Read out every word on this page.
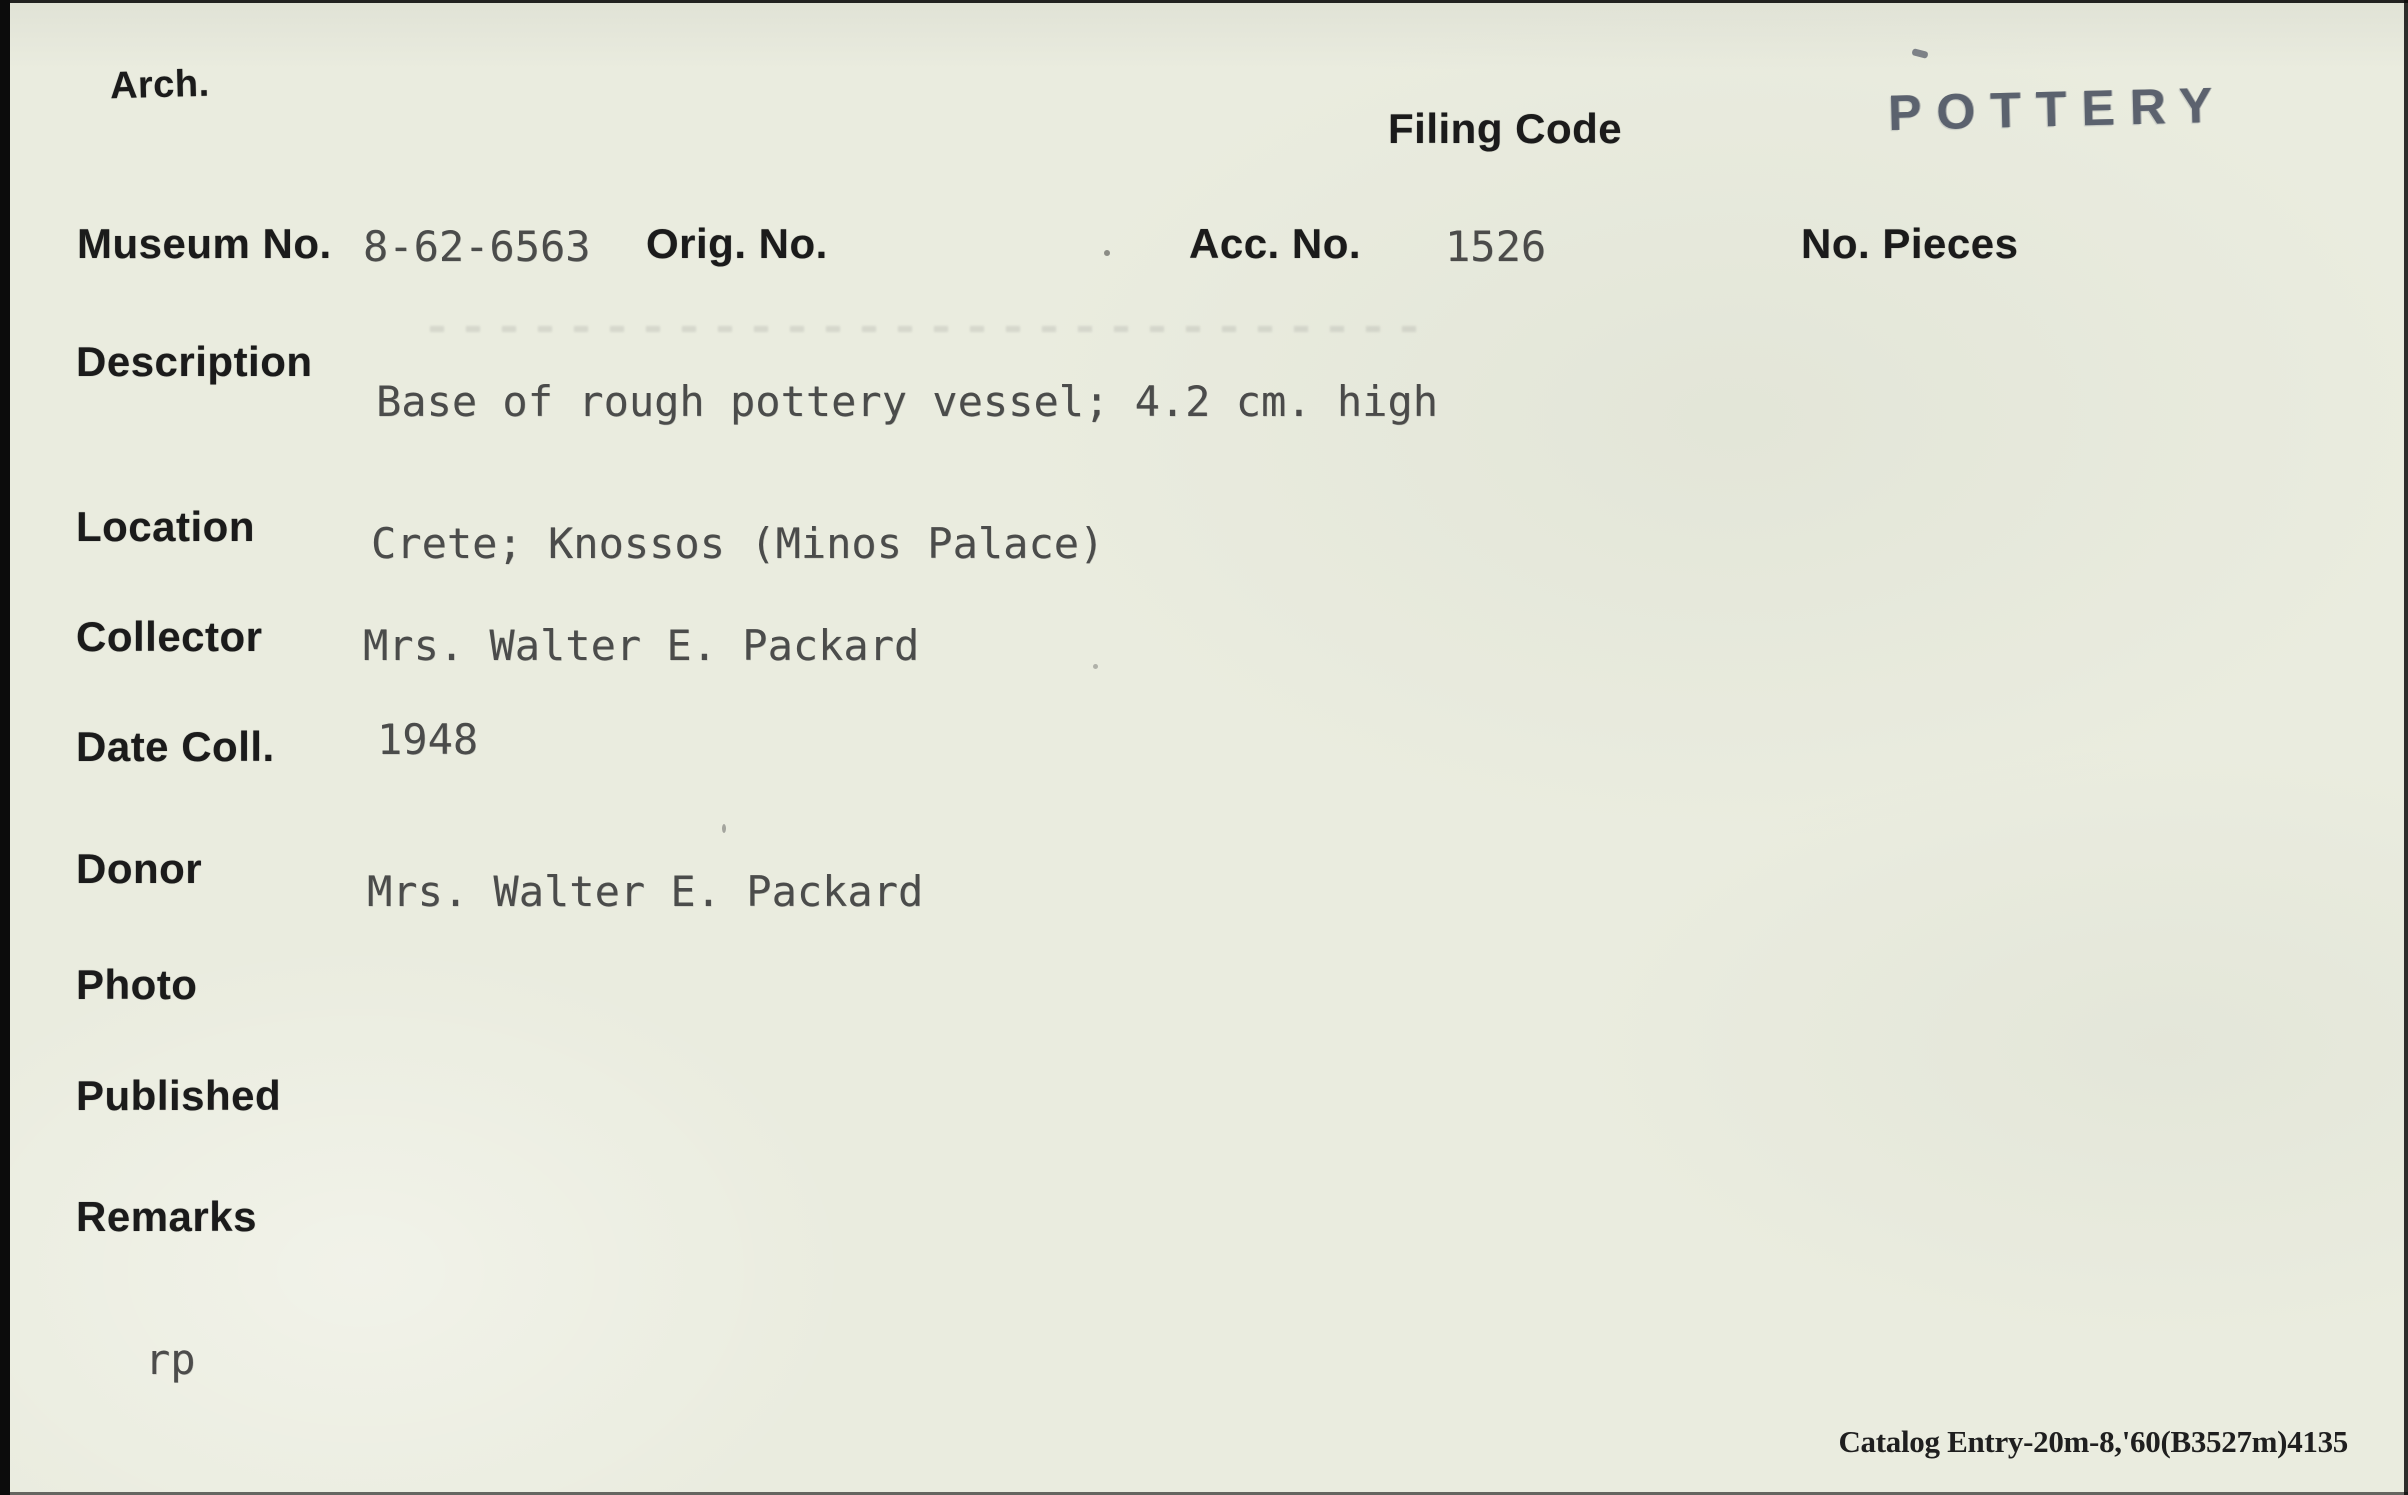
Arch.
Filing Code	POTTERY
Museum No. 8-62-6563 Orig. No.	Acc. No. 1526	No. Pieces
Description
Base of rough pottery vessel; 4.2 cm. high
Location	Crete; Knossos (Minos Palace)
Collector Mrs. Walter E. Packard
Date Coll. 1948
Donor	Mrs. Walter E. Packard
Photo
Published
Remarks
rp
Catalog Entry-20m-8,'60(B3527m)4135
